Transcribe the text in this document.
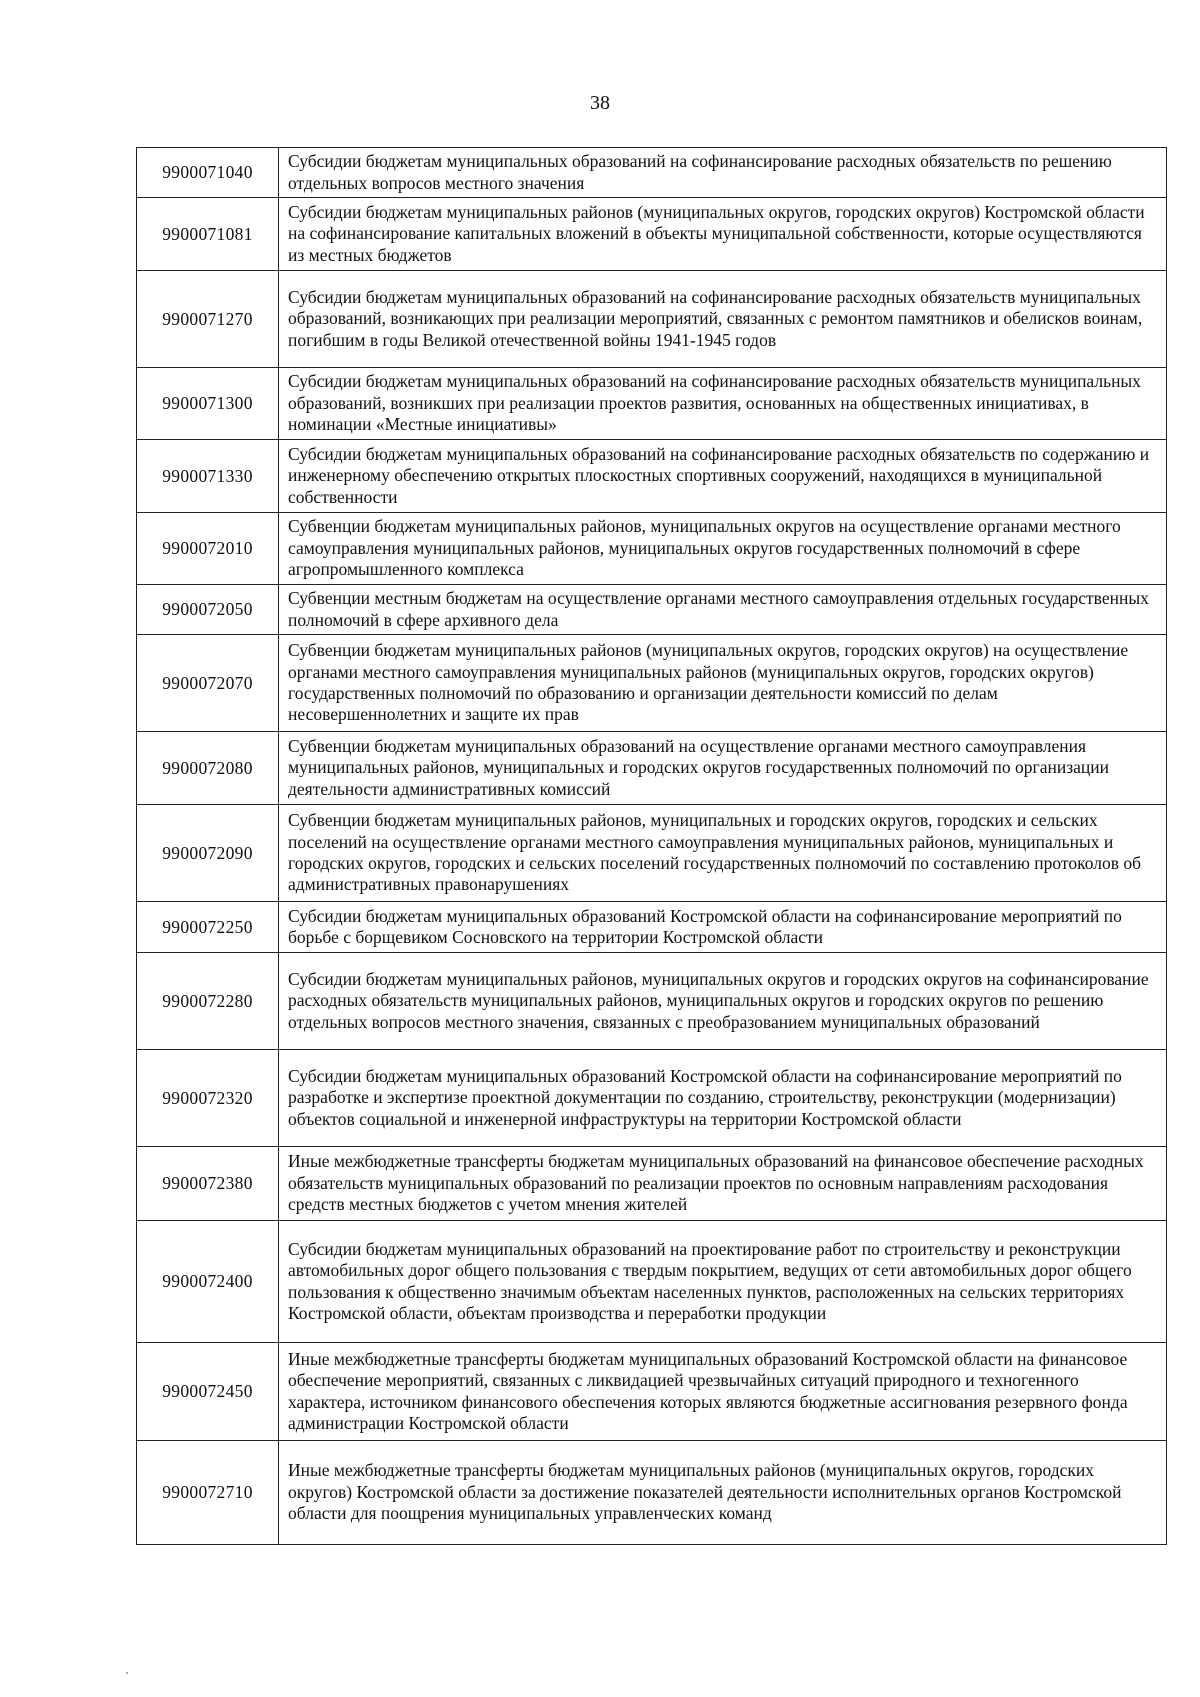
38
9900071040	Субсидии бюджетам муниципальных образований на софинансирование расходных обязательств по решению отдельных вопросов местного значения
9900071081	Субсидии бюджетам муниципальных районов (муниципальных округов, городских округов) Костромской области на софинансирование капитальных вложений в объекты муниципальной собственности, которые осуществляются из местных бюджетов
9900071270	Субсидии бюджетам муниципальных образований на софинансирование расходных обязательств муниципальных образований, возникающих при реализации мероприятий, связанных с ремонтом памятников и обелисков воинам, погибшим в годы Великой отечественной войны 1941-1945 годов
9900071300	Субсидии бюджетам муниципальных образований на софинансирование расходных обязательств муниципальных образований, возникших при реализации проектов развития, основанных на общественных инициативах, в номинации «Местные инициативы»
9900071330	Субсидии бюджетам муниципальных образований на софинансирование расходных обязательств по содержанию и инженерному обеспечению открытых плоскостных спортивных сооружений, находящихся в муниципальной собственности
9900072010	Субвенции бюджетам муниципальных районов, муниципальных округов на осуществление органами местного самоуправления муниципальных районов, муниципальных округов государственных полномочий в сфере агропромышленного комплекса
9900072050	Субвенции местным бюджетам на осуществление органами местного самоуправления отдельных государственных полномочий в сфере архивного дела
9900072070	Субвенции бюджетам муниципальных районов (муниципальных округов, городских округов) на осуществление органами местного самоуправления муниципальных районов (муниципальных округов, городских округов) государственных полномочий по образованию и организации деятельности комиссий по делам несовершеннолетних и защите их прав
9900072080	Субвенции бюджетам муниципальных образований на осуществление органами местного самоуправления муниципальных районов, муниципальных и городских округов государственных полномочий по организации деятельности административных комиссий
9900072090	Субвенции бюджетам муниципальных районов, муниципальных и городских округов, городских и сельских поселений на осуществление органами местного самоуправления муниципальных районов, муниципальных и городских округов, городских и сельских поселений государственных полномочий по составлению протоколов об административных правонарушениях
9900072250	Субсидии бюджетам муниципальных образований Костромской области на софинансирование мероприятий по борьбе с борщевиком Сосновского на территории Костромской области
9900072280	Субсидии бюджетам муниципальных районов, муниципальных округов и городских округов на софинансирование расходных обязательств муниципальных районов, муниципальных округов и городских округов по решению отдельных вопросов местного значения, связанных с преобразованием муниципальных образований
9900072320	Субсидии бюджетам муниципальных образований Костромской области на софинансирование мероприятий по разработке и экспертизе проектной документации по созданию, строительству, реконструкции (модернизации) объектов социальной и инженерной инфраструктуры на территории Костромской области
9900072380	Иные межбюджетные трансферты бюджетам муниципальных образований на финансовое обеспечение расходных обязательств муниципальных образований по реализации проектов по основным направлениям расходования средств местных бюджетов с учетом мнения жителей
9900072400	Субсидии бюджетам муниципальных образований на проектирование работ по строительству и реконструкции автомобильных дорог общего пользования с твердым покрытием, ведущих от сети автомобильных дорог общего пользования к общественно значимым объектам населенных пунктов, расположенных на сельских территориях Костромской области, объектам производства и переработки продукции
9900072450	Иные межбюджетные трансферты бюджетам муниципальных образований Костромской области на финансовое обеспечение мероприятий, связанных с ликвидацией чрезвычайных ситуаций природного и техногенного характера, источником финансового обеспечения которых являются бюджетные ассигнования резервного фонда администрации Костромской области
9900072710	Иные межбюджетные трансферты бюджетам муниципальных районов (муниципальных округов, городских округов) Костромской области за достижение показателей деятельности исполнительных органов Костромской области для поощрения муниципальных управленческих команд
